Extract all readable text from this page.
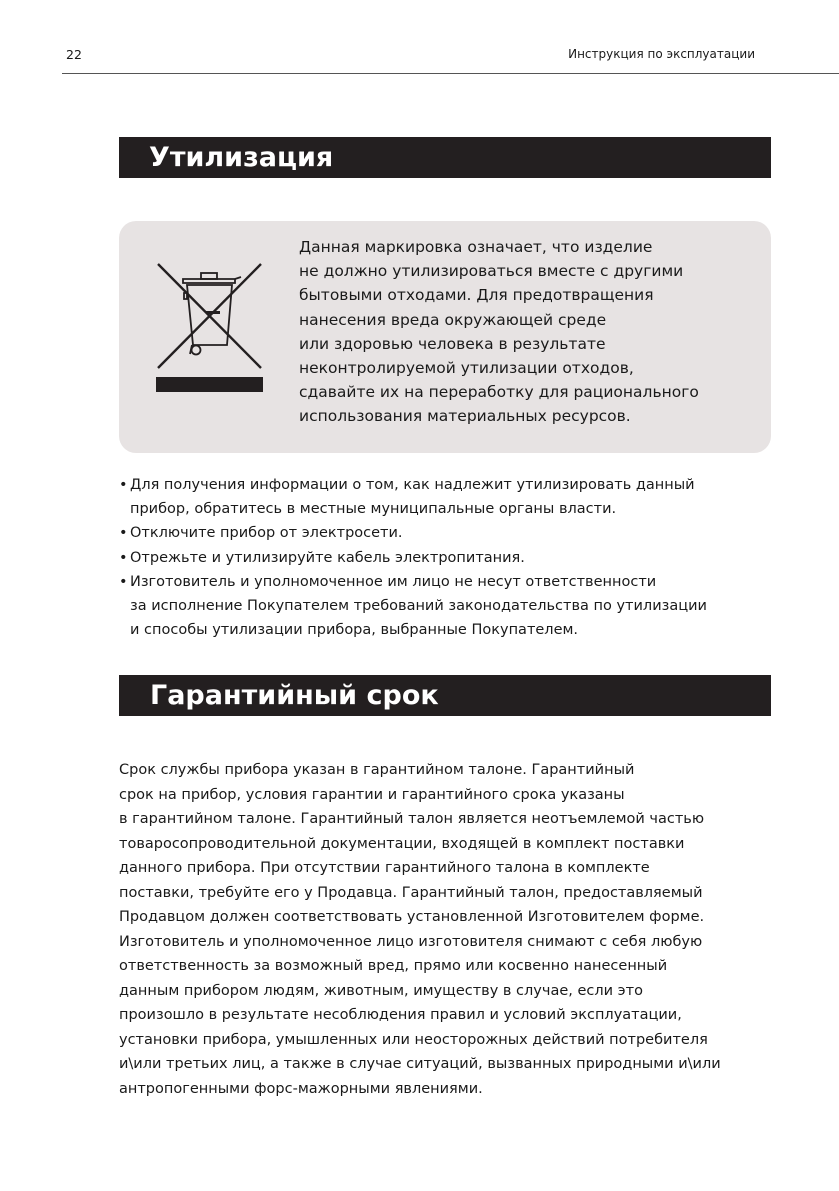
22	Инструкция по эксплуатации
Утилизация
Данная маркировка означает, что изделие
не должно утилизироваться вместе с другими
бытовыми отходами. Для предотвращения
нанесения вреда окружающей среде
или здоровью человека в результате
неконтролируемой утилизации отходов,
сдавайте их на переработку для рационального
использования материальных ресурсов.
• Для получения информации о том, как надлежит утилизировать данный
прибор, обратитесь в местные муниципальные органы власти.
• Отключите прибор от электросети.
• Отрежьте и утилизируйте кабель электропитания.
• Изготовитель и уполномоченное им лицо не несут ответственности
за исполнение Покупателем требований законодательства по утилизации
и способы утилизации прибора, выбранные Покупателем.
Гарантийный срок
Срок службы прибора указан в гарантийном талоне. Гарантийный
срок на прибор, условия гарантии и гарантийного срока указаны
в гарантийном талоне. Гарантийный талон является неотъемлемой частью
товаросопроводительной документации, входящей в комплект поставки
данного прибора. При отсутствии гарантийного талона в комплекте
поставки, требуйте его у Продавца. Гарантийный талон, предоставляемый
Продавцом должен соответствовать установленной Изготовителем форме.
Изготовитель и уполномоченное лицо изготовителя снимают с себя любую
ответственность за возможный вред, прямо или косвенно нанесенный
данным прибором людям, животным, имуществу в случае, если это
произошло в результате несоблюдения правил и условий эксплуатации,
установки прибора, умышленных или неосторожных действий потребителя
и\или третьих лиц, а также в случае ситуаций, вызванных природными и\или
антропогенными форс-мажорными явлениями.
